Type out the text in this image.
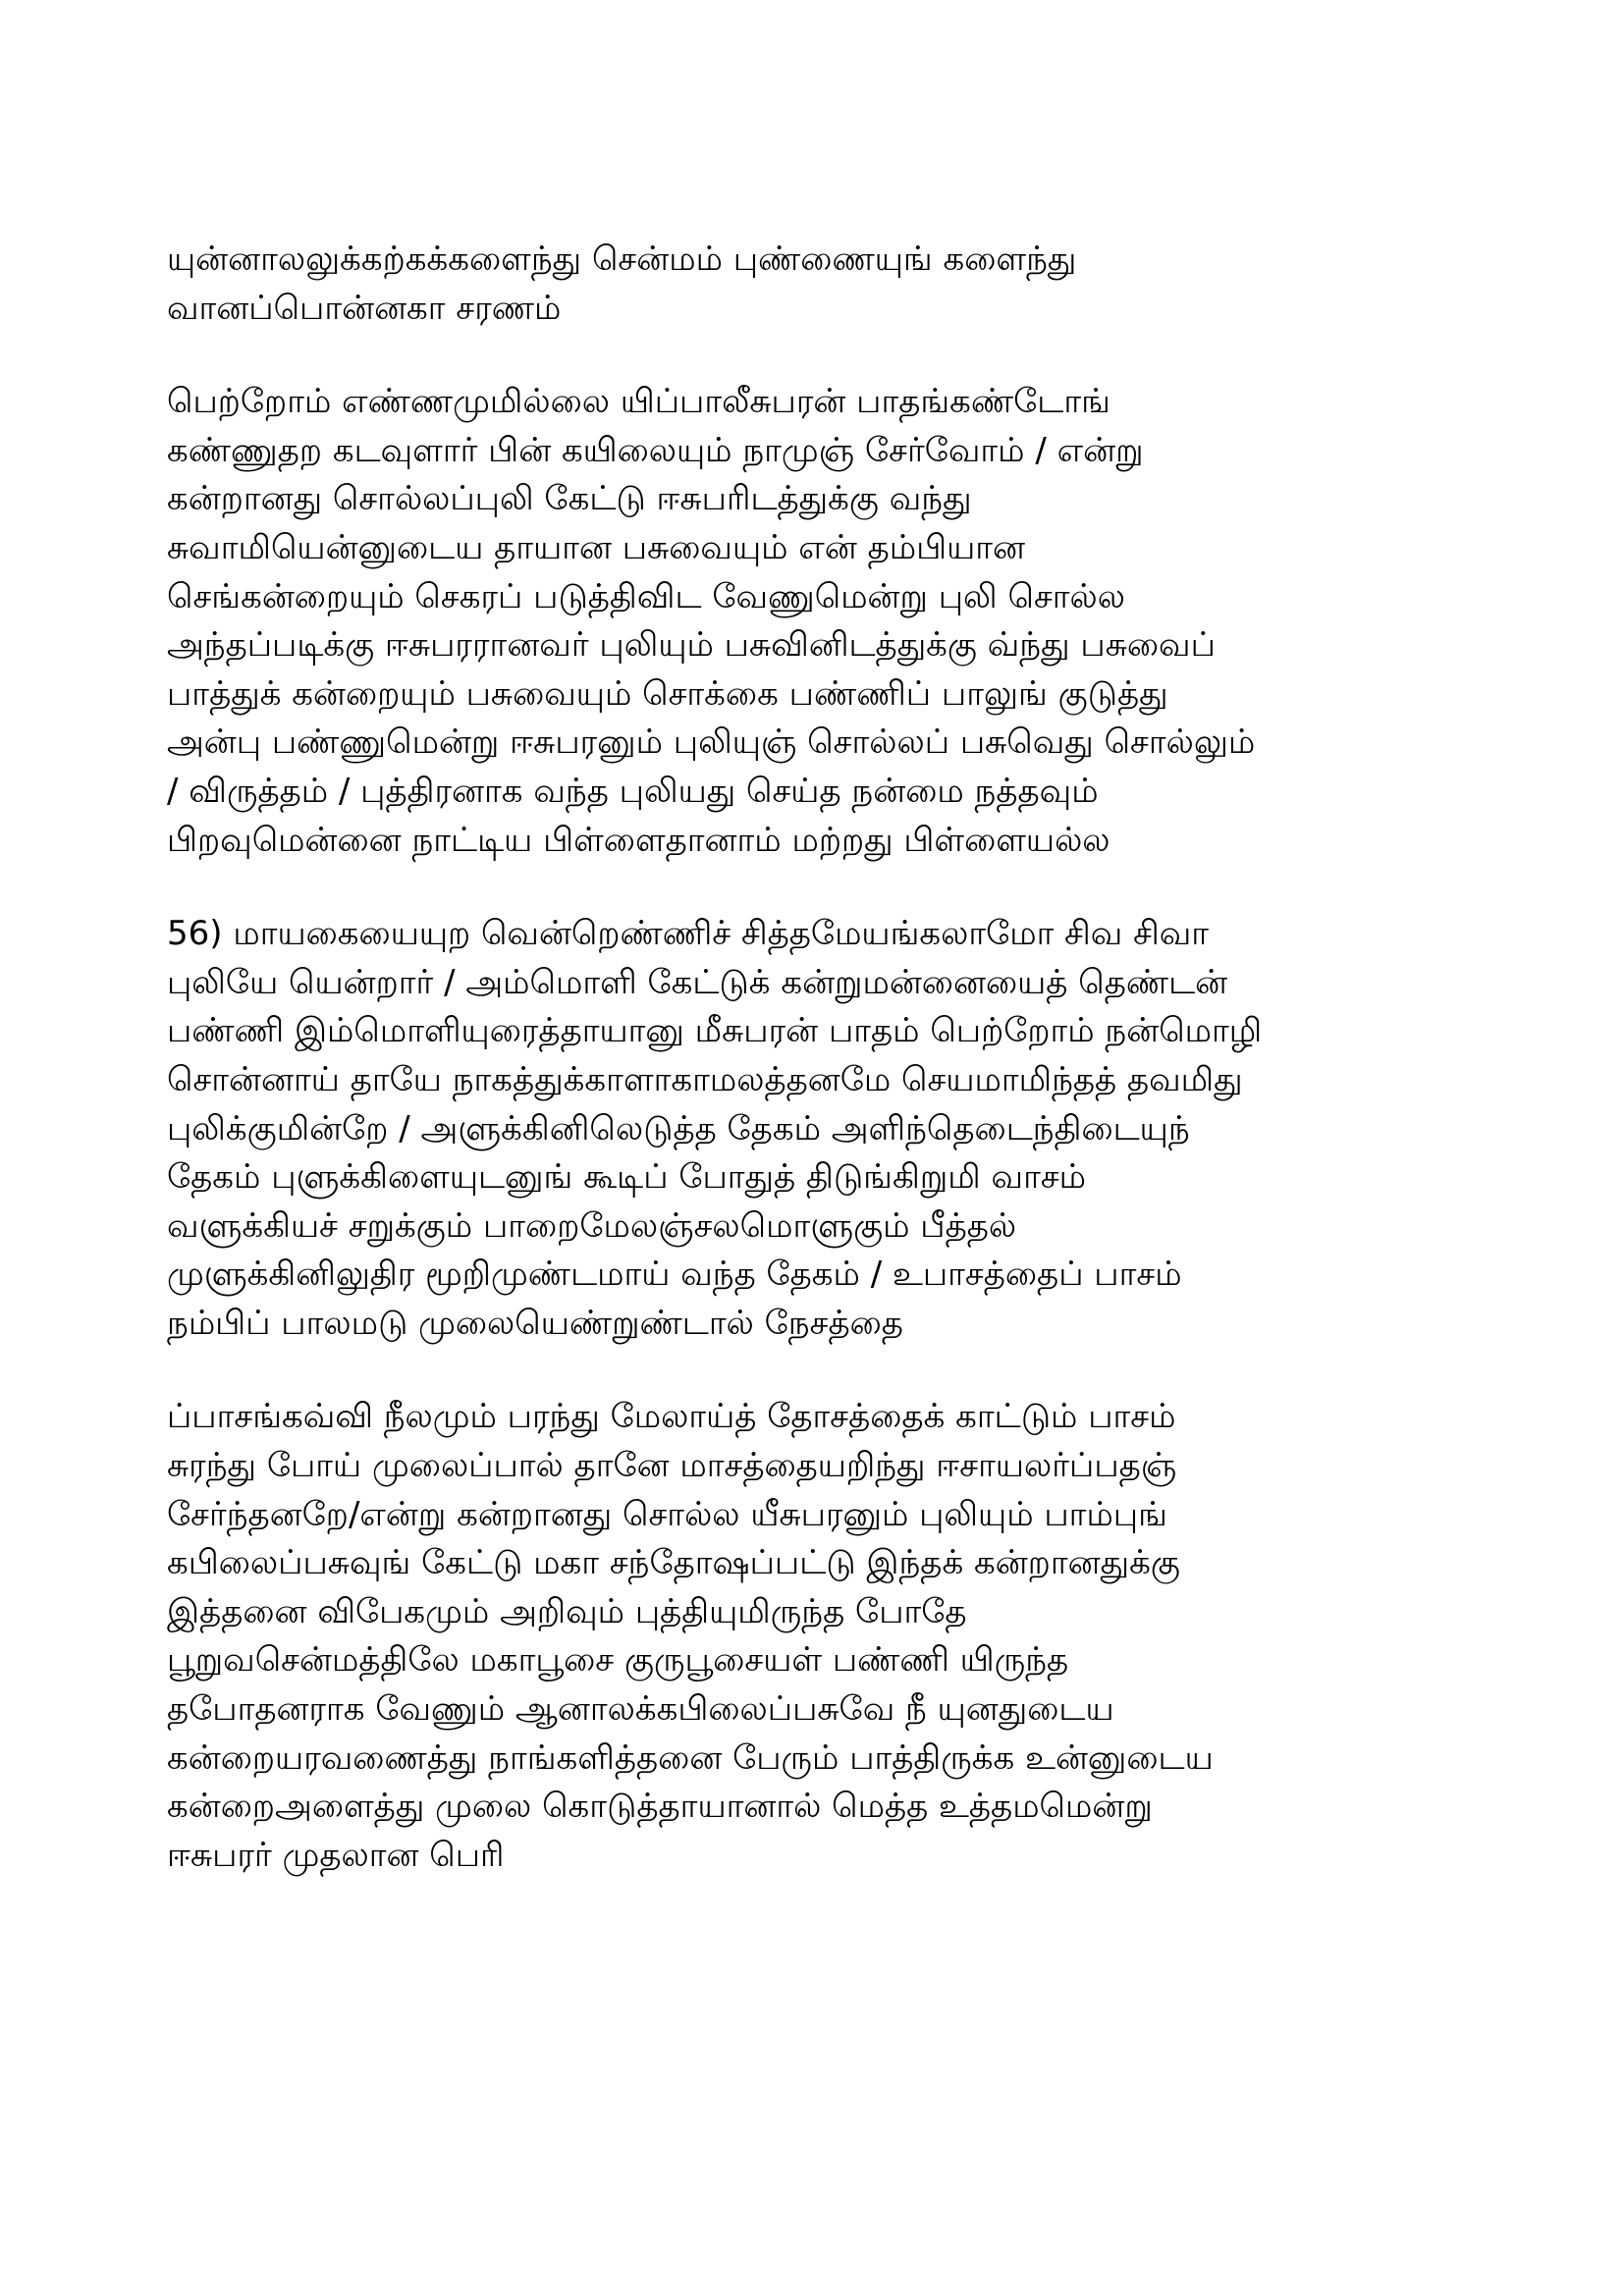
யுன்னாலலுக்கற்கக்களைந்து சென்மம் புண்ணையுங் களைந்து
வானப்பொன்னகா சரணம்
பெற்றோம் எண்ணமுமில்லை யிப்பாலீசுபரன் பாதங்கண்டோங்
கண்ணுதற கடவுளார் பின் கயிலையும் நாமுஞ் சேர்வோம் / என்று
கன்றானது சொல்லப்புலி கேட்டு ஈசுபரிடத்துக்கு வந்து
சுவாமியென்னுடைய தாயான பசுவையும் என் தம்பியான
செங்கன்றையும் செகரப் படுத்திவிட வேணுமென்று புலி சொல்ல
அந்தப்படிக்கு ஈசுபரரானவர் புலியும் பசுவினிடத்துக்கு வ்ந்து பசுவைப்
பாத்துக் கன்றையும் பசுவையும் சொக்கை பண்ணிப் பாலுங் குடுத்து
அன்பு பண்ணுமென்று ஈசுபரனும் புலியுஞ் சொல்லப் பசுவெது சொல்லும்
/ விருத்தம் / புத்திரனாக வந்த புலியது செய்த நன்மை நத்தவும்
பிறவுமென்னை நாட்டிய பிள்ளைதானாம் மற்றது பிள்ளையல்ல
56) மாயகையையுற வென்றெண்ணிச் சித்தமேயங்கலாமோ சிவ சிவா
புலியே யென்றார் / அம்மொளி கேட்டுக் கன்றுமன்னையைத் தெண்டன்
பண்ணி இம்மொளியுரைத்தாயானு மீசுபரன் பாதம் பெற்றோம் நன்மொழி
சொன்னாய் தாயே நாகத்துக்காளாகாமலத்தனமே செயமாமிந்தத் தவமிது
புலிக்குமின்றே / அளுக்கினிலெடுத்த தேகம் அளிந்தெடைந்திடையுந்
தேகம் புளுக்கிளையுடனுங் கூடிப் போதுத் திடுங்கிறுமி வாசம்
வளுக்கியச் சறுக்கும் பாறைமேலஞ்சலமொளுகும் பீத்தல்
முளுக்கினிலுதிர மூறிமுண்டமாய் வந்த தேகம் / உபாசத்தைப் பாசம்
நம்பிப் பாலமடு முலையெண்றுண்டால் நேசத்தை
ப்பாசங்கவ்வி நீலமும் பரந்து மேலாய்த் தோசத்தைக் காட்டும் பாசம்
சுரந்து போய் முலைப்பால் தானே மாசத்தையறிந்து ஈசாயலர்ப்பதஞ்
சேர்ந்தனறே/என்று கன்றானது சொல்ல யீசுபரனும் புலியும் பாம்புங்
கபிலைப்பசுவுங் கேட்டு மகா சந்தோஷப்பட்டு இந்தக் கன்றானதுக்கு
இத்தனை விபேகமும் அறிவும் புத்தியுமிருந்த போதே
பூறுவசென்மத்திலே மகாபூசை குருபூசையள் பண்ணி யிருந்த
தபோதனராக வேணும் ஆனாலக்கபிலைப்பசுவே நீ யுனதுடைய
கன்றையரவணைத்து நாங்களித்தனை பேரும் பாத்திருக்க உன்னுடைய
கன்றைஅளைத்து முலை கொடுத்தாயானால் மெத்த உத்தமமென்று
ஈசுபரர் முதலான பெரி
